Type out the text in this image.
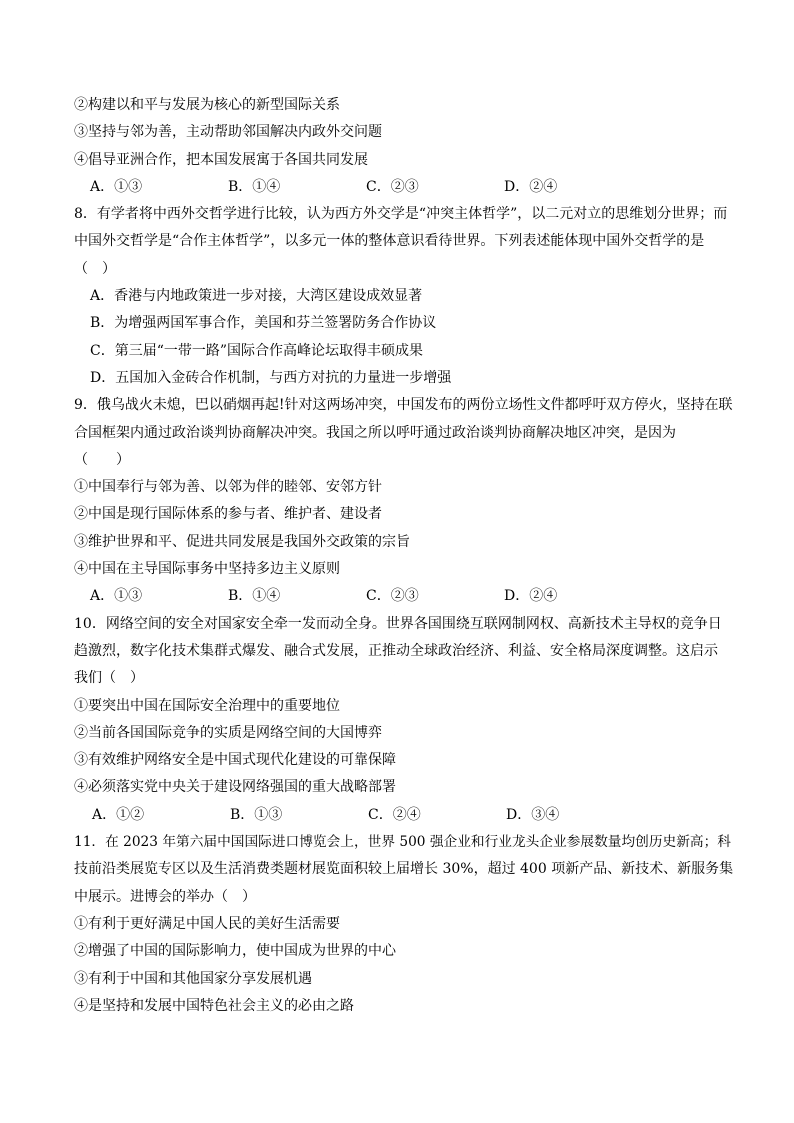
②构建以和平与发展为核心的新型国际关系
③坚持与邻为善，主动帮助邻国解决内政外交问题
④倡导亚洲合作，把本国发展寓于各国共同发展
A．①③	B．①④	C．②③	D．②④
8．有学者将中西外交哲学进行比较，认为西方外交学是“冲突主体哲学”，以二元对立的思维划分世界；而
中国外交哲学是“合作主体哲学”，以多元一体的整体意识看待世界。下列表述能体现中国外交哲学的是
（　）
A．香港与内地政策进一步对接，大湾区建设成效显著
B．为增强两国军事合作，美国和芬兰签署防务合作协议
C．第三届“一带一路”国际合作高峰论坛取得丰硕成果
D．五国加入金砖合作机制，与西方对抗的力量进一步增强
9．俄乌战火未熄，巴以硝烟再起!针对这两场冲突，中国发布的两份立场性文件都呼吁双方停火，坚持在联
合国框架内通过政治谈判协商解决冲突。我国之所以呼吁通过政治谈判协商解决地区冲突，是因为
（　　）
①中国奉行与邻为善、以邻为伴的睦邻、安邻方针
②中国是现行国际体系的参与者、维护者、建设者
③维护世界和平、促进共同发展是我国外交政策的宗旨
④中国在主导国际事务中坚持多边主义原则
A．①③	B．①④	C．②③	D．②④
10．网络空间的安全对国家安全牵一发而动全身。世界各国围绕互联网制网权、高新技术主导权的竞争日
趋激烈，数字化技术集群式爆发、融合式发展，正推动全球政治经济、利益、安全格局深度调整。这启示
我们（　）
①要突出中国在国际安全治理中的重要地位
②当前各国国际竞争的实质是网络空间的大国博弈
③有效维护网络安全是中国式现代化建设的可靠保障
④必须落实党中央关于建设网络强国的重大战略部署
A．①②	B．①③	C．②④	D．③④
11．在 2023 年第六届中国国际进口博览会上，世界 500 强企业和行业龙头企业参展数量均创历史新高；科
技前沿类展览专区以及生活消费类题材展览面积较上届增长 30%，超过 400 项新产品、新技术、新服务集
中展示。进博会的举办（　）
①有利于更好满足中国人民的美好生活需要
②增强了中国的国际影响力，使中国成为世界的中心
③有利于中国和其他国家分享发展机遇
④是坚持和发展中国特色社会主义的必由之路
